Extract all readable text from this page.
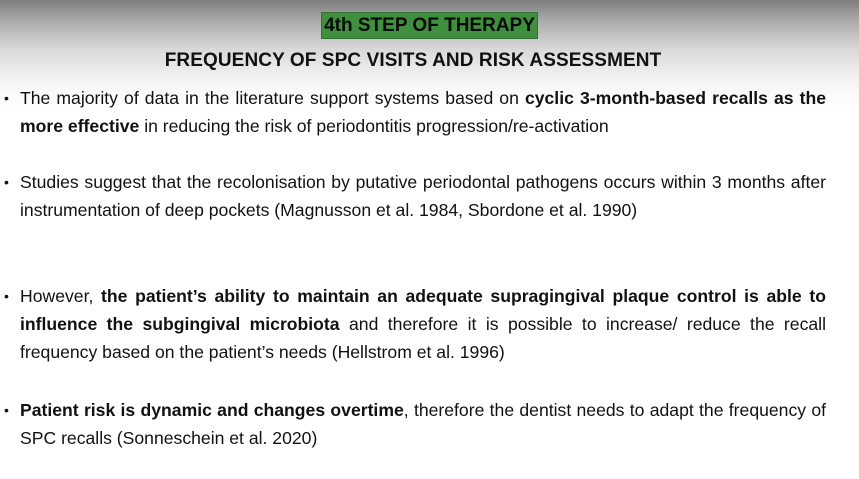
4th STEP OF THERAPY
FREQUENCY OF SPC VISITS AND RISK ASSESSMENT
• The majority of data in the literature support systems based on cyclic 3-month-based recalls as the more effective in reducing the risk of periodontitis progression/re-activation
• Studies suggest that the recolonisation by putative periodontal pathogens occurs within 3 months after instrumentation of deep pockets (Magnusson et al. 1984, Sbordone et al. 1990)
• However, the patient’s ability to maintain an adequate supragingival plaque control is able to influence the subgingival microbiota and therefore it is possible to increase/ reduce the recall frequency based on the patient’s needs (Hellstrom et al. 1996)
• Patient risk is dynamic and changes overtime, therefore the dentist needs to adapt the frequency of SPC recalls (Sonneschein et al. 2020)
